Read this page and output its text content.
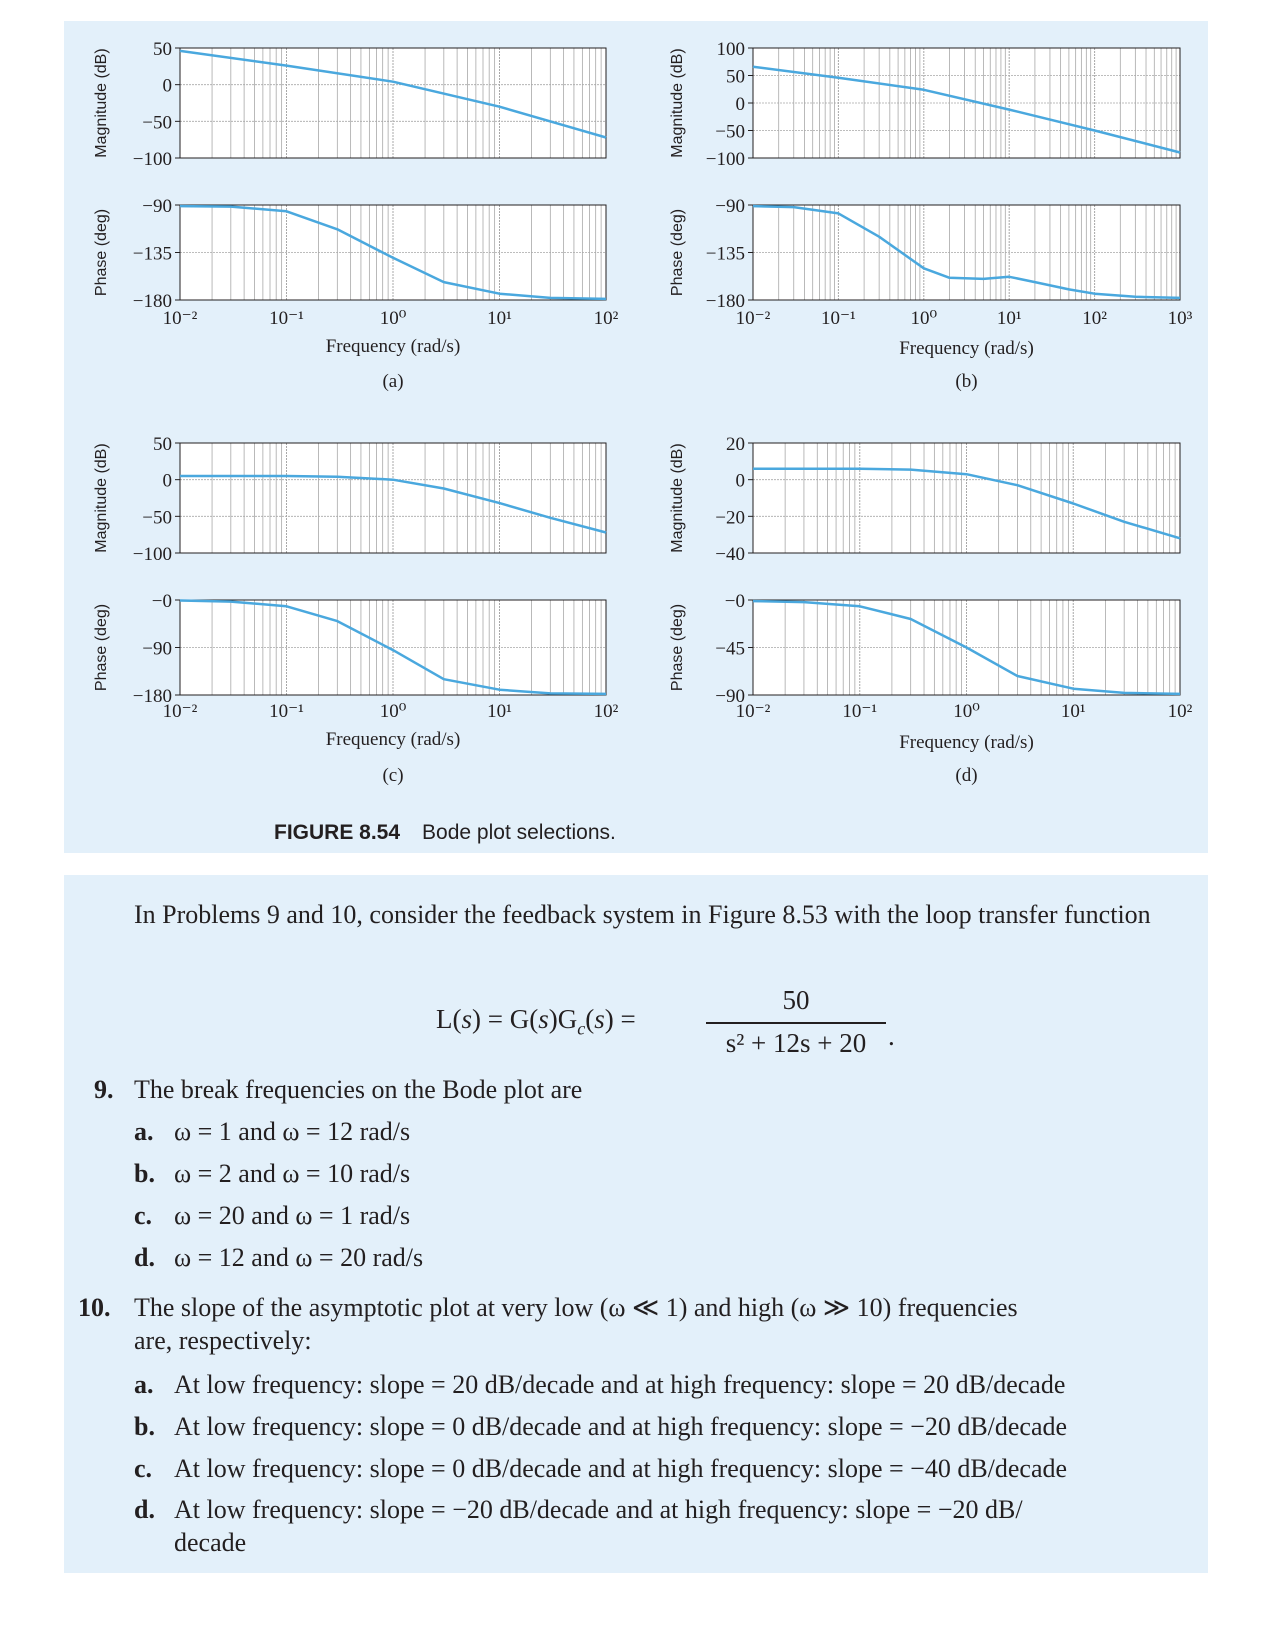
50
0
−50
−100
Magnitude (dB)
−90
−135
−180
Phase (deg)
10⁻²	10⁻¹	10⁰	10¹	10²
Frequency (rad/s)
(a)
100
50
0
−50
−100
Magnitude (dB)
−90
−135
−180
Phase (deg)
10⁻²	10⁻¹	10⁰	10¹	10²	10³
Frequency (rad/s)
(b)
50
0
−50
−100
Magnitude (dB)
−0
−90
−180
Phase (deg)
10⁻²	10⁻¹	10⁰	10¹	10²
Frequency (rad/s)
(c)
20
0
−20
−40
Magnitude (dB)
−0
−45
−90
Phase (deg)
10⁻²	10⁻¹	10⁰	10¹	10²
Frequency (rad/s)
(d)
FIGURE 8.54 Bode plot selections.
In Problems 9 and 10, consider the feedback system in Figure 8.53 with the loop transfer function
$L(s) = G(s)G_c(s)$ =
50
s² + 12s + 20 .
9. The break frequencies on the Bode plot are
a. ω = 1 and ω = 12 rad/s
b. ω = 2 and ω = 10 rad/s
c. ω = 20 and ω = 1 rad/s
d. ω = 12 and ω = 20 rad/s
10. The slope of the asymptotic plot at very low (ω ≪ 1) and high (ω ≫ 10) frequencies
are, respectively:
a. At low frequency: slope = 20 dB/decade and at high frequency: slope = 20 dB/decade
b. At low frequency: slope = 0 dB/decade and at high frequency: slope = −20 dB/decade
c. At low frequency: slope = 0 dB/decade and at high frequency: slope = −40 dB/decade
d. At low frequency: slope = −20 dB/decade and at high frequency: slope = −20 dB/
decade
